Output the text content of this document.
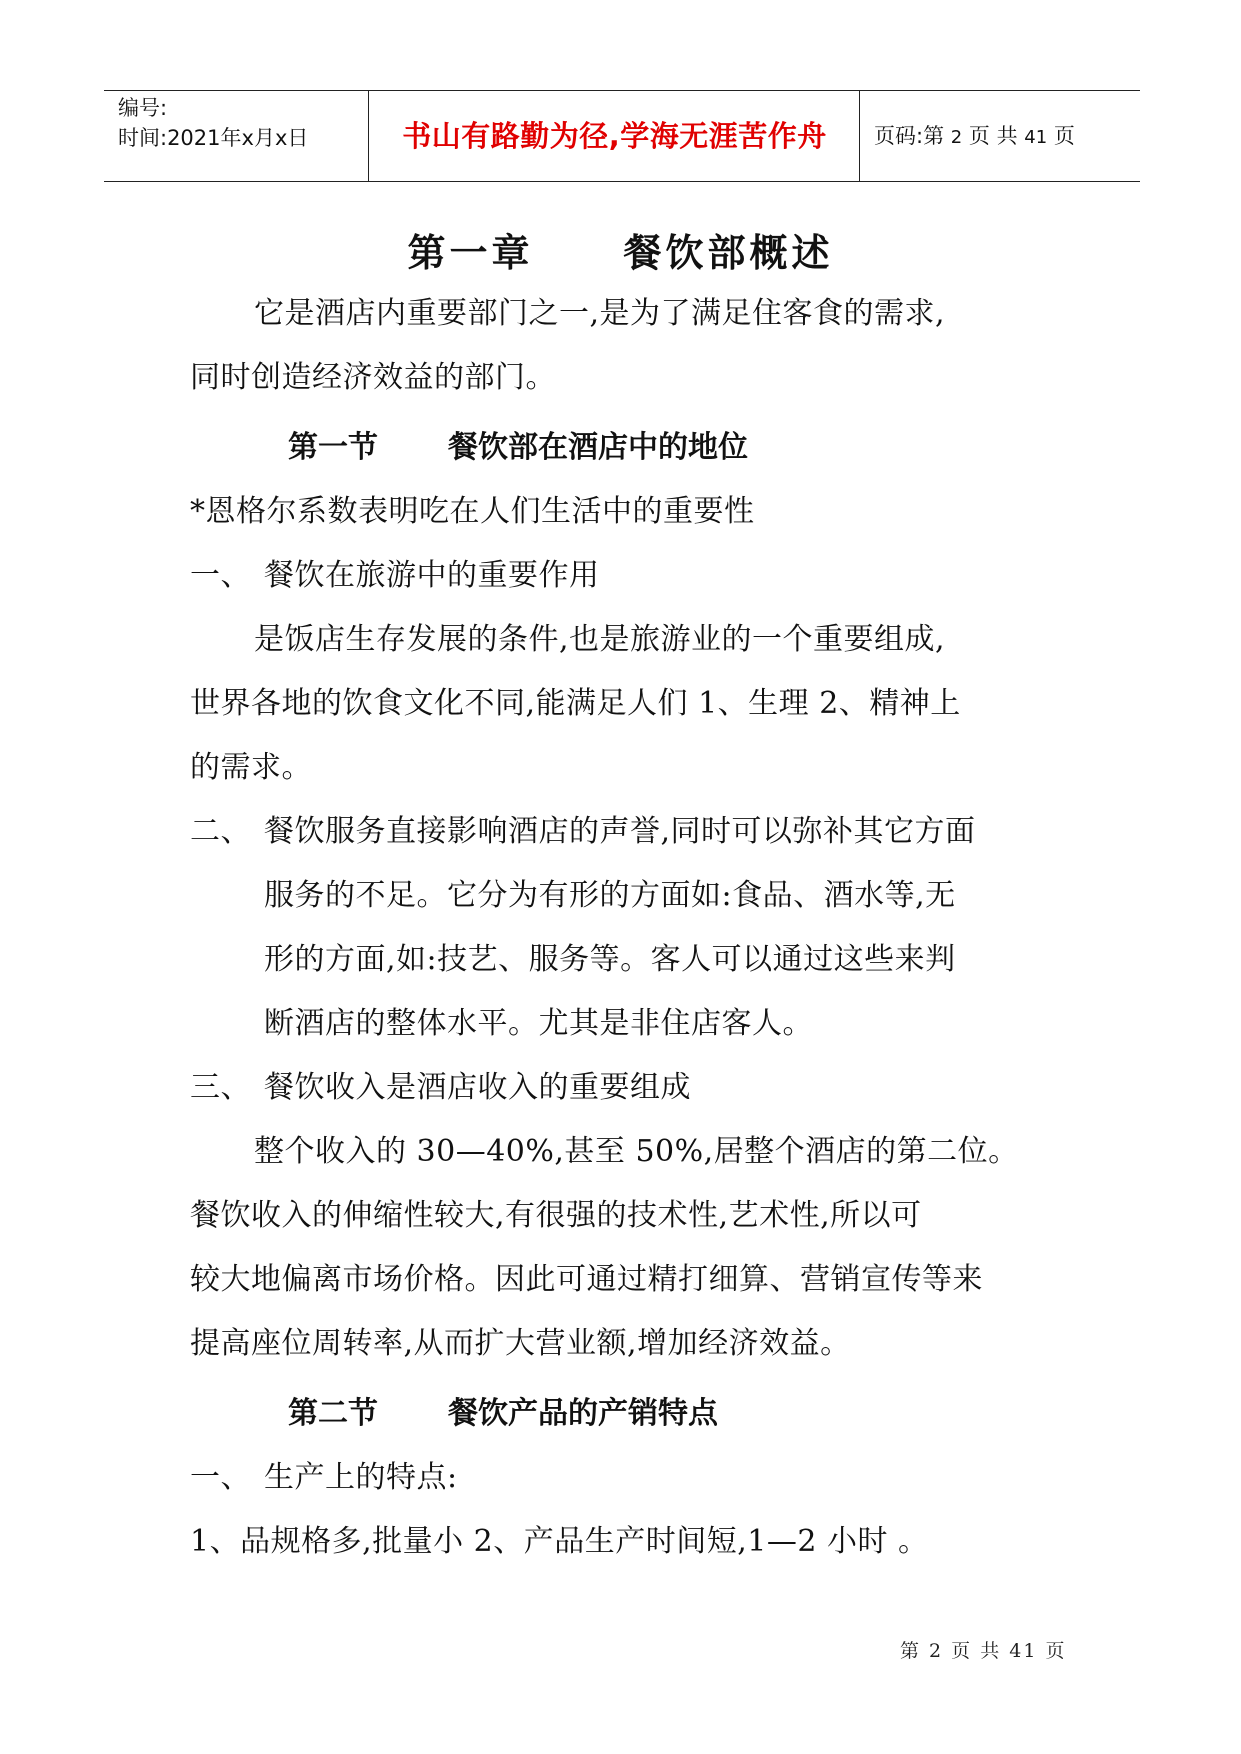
编号:
时间:2021年x月x日	书山有路勤为径,学海无涯苦作舟	页码:第 2 页 共 41 页
第一章 餐饮部概述
它是酒店内重要部门之一,是为了满足住客食的需求,
同时创造经济效益的部门。
第一节 餐饮部在酒店中的地位
*恩格尔系数表明吃在人们生活中的重要性
一、 餐饮在旅游中的重要作用
是饭店生存发展的条件,也是旅游业的一个重要组成,
世界各地的饮食文化不同,能满足人们 1、生理 2、精神上
的需求。
二、 餐饮服务直接影响酒店的声誉,同时可以弥补其它方面
服务的不足。它分为有形的方面如:食品、酒水等,无
形的方面,如:技艺、服务等。客人可以通过这些来判
断酒店的整体水平。尤其是非住店客人。
三、 餐饮收入是酒店收入的重要组成
整个收入的 30—40%,甚至 50%,居整个酒店的第二位。
餐饮收入的伸缩性较大,有很强的技术性,艺术性,所以可
较大地偏离市场价格。因此可通过精打细算、营销宣传等来
提高座位周转率,从而扩大营业额,增加经济效益。
第二节 餐饮产品的产销特点
一、 生产上的特点:
1、品规格多,批量小 2、产品生产时间短,1—2 小时 。
第 2 页 共 41 页
